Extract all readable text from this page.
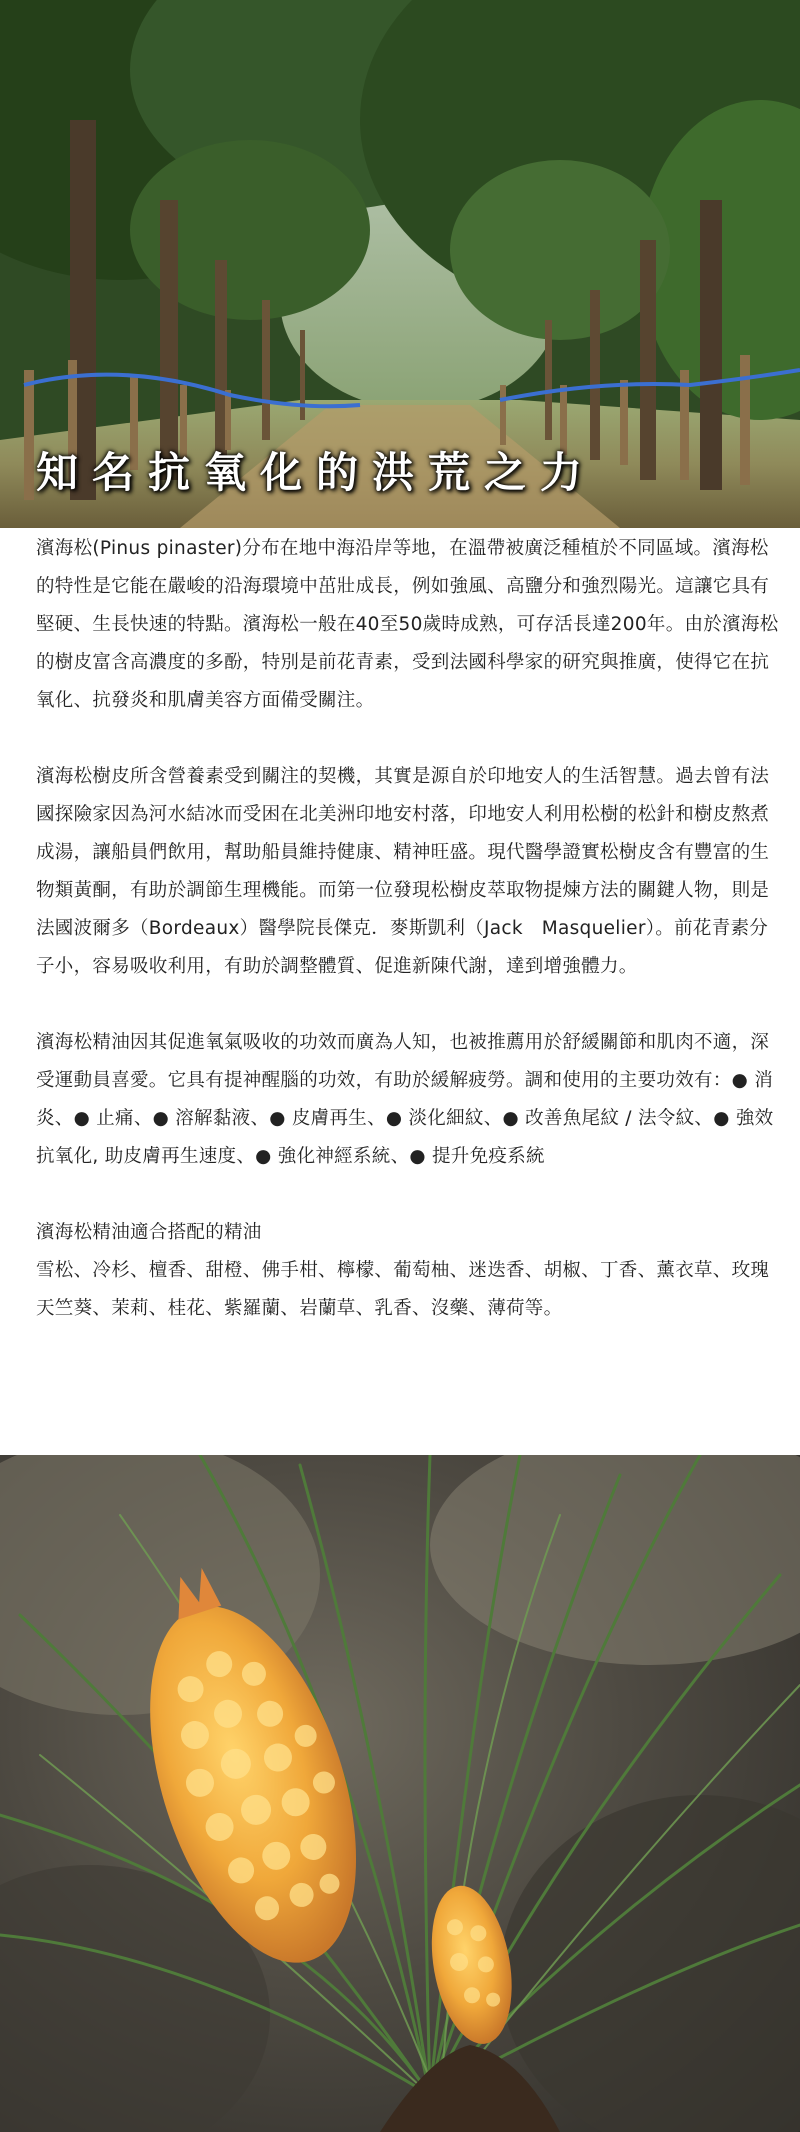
知名抗氧化的洪荒之力

濱海松(Pinus pinaster)分布在地中海沿岸等地，在溫帶被廣泛種植於不同區域。濱海松的特性是它能在嚴峻的沿海環境中茁壯成長，例如強風、高鹽分和強烈陽光。這讓它具有堅硬、生長快速的特點。濱海松一般在40至50歲時成熟，可存活長達200年。由於濱海松的樹皮富含高濃度的多酚，特別是前花青素，受到法國科學家的研究與推廣，使得它在抗氧化、抗發炎和肌膚美容方面備受關注。

濱海松樹皮所含營養素受到關注的契機，其實是源自於印地安人的生活智慧。過去曾有法國探險家因為河水結冰而受困在北美洲印地安村落，印地安人利用松樹的松針和樹皮熬煮成湯，讓船員們飲用，幫助船員維持健康、精神旺盛。現代醫學證實松樹皮含有豐富的生物類黃酮，有助於調節生理機能。而第一位發現松樹皮萃取物提煉方法的關鍵人物，則是法國波爾多（Bordeaux）醫學院長傑克．麥斯凱利（Jack　Masquelier）。前花青素分子小，容易吸收利用，有助於調整體質、促進新陳代謝，達到增強體力。

濱海松精油因其促進氧氣吸收的功效而廣為人知，也被推薦用於舒緩關節和肌肉不適，深受運動員喜愛。它具有提神醒腦的功效，有助於緩解疲勞。調和使用的主要功效有：● 消炎、● 止痛、● 溶解黏液、● 皮膚再生、● 淡化細紋、● 改善魚尾紋 / 法令紋、● 強效抗氧化, 助皮膚再生速度、● 強化神經系統、● 提升免疫系統

濱海松精油適合搭配的精油
雪松、冷杉、檀香、甜橙、佛手柑、檸檬、葡萄柚、迷迭香、胡椒、丁香、薰衣草、玫瑰天竺葵、茉莉、桂花、紫羅蘭、岩蘭草、乳香、沒藥、薄荷等。
